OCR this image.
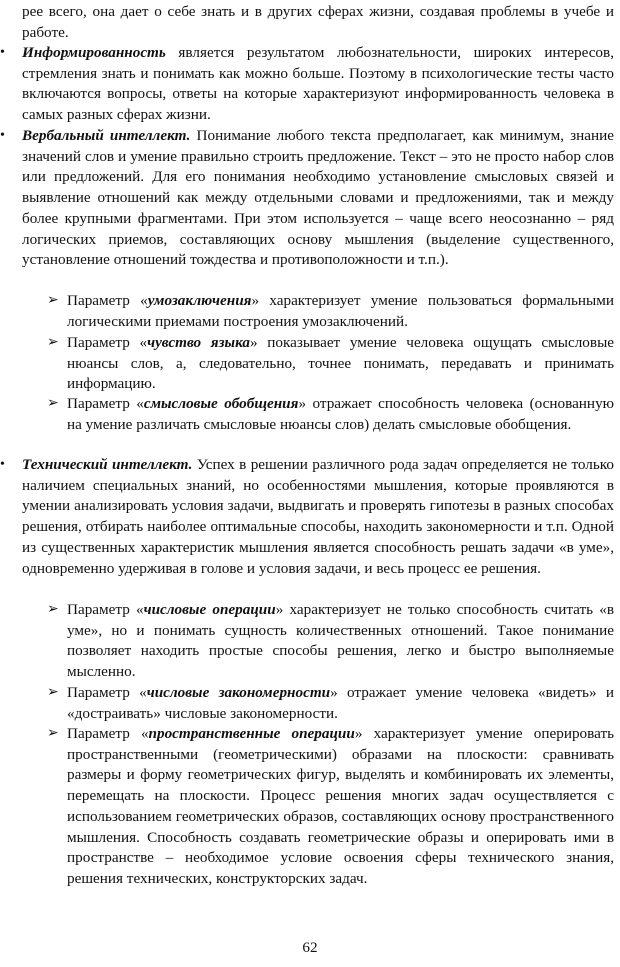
рее всего, она дает о себе знать и в других сферах жизни, создавая проблемы в учебе и работе.
•	Информированность является результатом любознательности, широких интересов, стремления знать и понимать как можно больше. Поэтому в психологические тесты часто включаются вопросы, ответы на которые характеризуют информированность человека в самых разных сферах жизни.
•	Вербальный интеллект. Понимание любого текста предполагает, как минимум, знание значений слов и умение правильно строить предложение. Текст – это не просто набор слов или предложений. Для его понимания необходимо установление смысловых связей и выявление отношений как между отдельными словами и предложениями, так и между более крупными фрагментами. При этом используется – чаще всего неосознанно – ряд логических приемов, составляющих основу мышления (выделение существенного, установление отношений тождества и противоположности и т.п.).
➢ Параметр «умозаключения» характеризует умение пользоваться формальными логическими приемами построения умозаключений.
➢ Параметр «чувство языка» показывает умение человека ощущать смысловые нюансы слов, а, следовательно, точнее понимать, передавать и принимать информацию.
➢ Параметр «смысловые обобщения» отражает способность человека (основанную на умение различать смысловые нюансы слов) делать смысловые обобщения.
•	Технический интеллект. Успех в решении различного рода задач определяется не только наличием специальных знаний, но особенностями мышления, которые проявляются в умении анализировать условия задачи, выдвигать и проверять гипотезы в разных способах решения, отбирать наиболее оптимальные способы, находить закономерности и т.п. Одной из существенных характеристик мышления является способность решать задачи «в уме», одновременно удерживая в голове и условия задачи, и весь процесс ее решения.
➢ Параметр «числовые операции» характеризует не только способность считать «в уме», но и понимать сущность количественных отношений. Такое понимание позволяет находить простые способы решения, легко и быстро выполняемые мысленно.
➢ Параметр «числовые закономерности» отражает умение человека «видеть» и «достраивать» числовые закономерности.
➢ Параметр «пространственные операции» характеризует умение оперировать пространственными (геометрическими) образами на плоскости: сравнивать размеры и форму геометрических фигур, выделять и комбинировать их элементы, перемещать на плоскости. Процесс решения многих задач осуществляется с использованием геометрических образов, составляющих основу пространственного мышления. Способность создавать геометрические образы и оперировать ими в пространстве – необходимое условие освоения сферы технического знания, решения технических, конструкторских задач.
62
